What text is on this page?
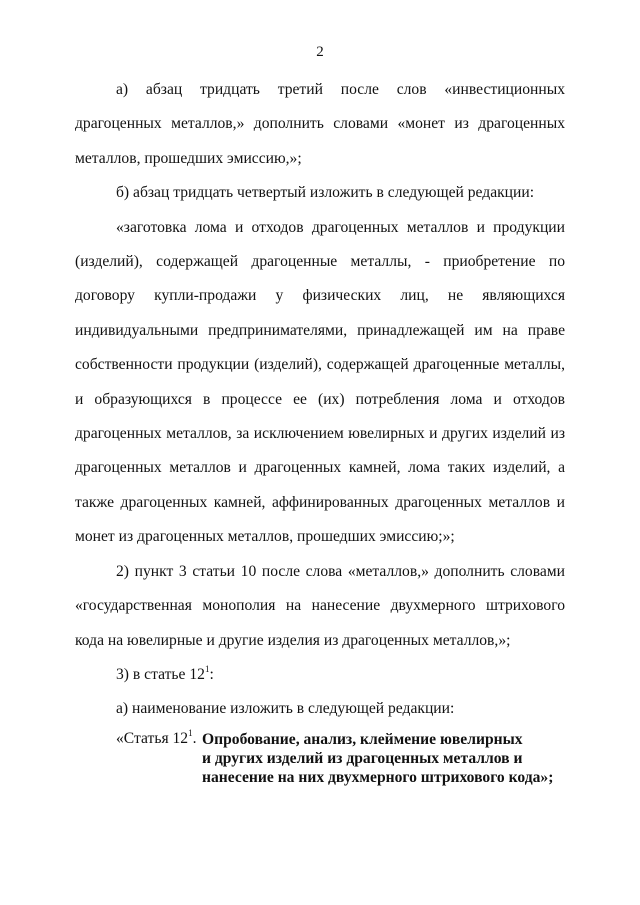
2

а) абзац тридцать третий после слов «инвестиционных драгоценных металлов,» дополнить словами «монет из драгоценных металлов, прошедших эмиссию,»;

б) абзац тридцать четвертый изложить в следующей редакции:

«заготовка лома и отходов драгоценных металлов и продукции (изделий), содержащей драгоценные металлы, - приобретение по договору купли-продажи у физических лиц, не являющихся индивидуальными предпринимателями, принадлежащей им на праве собственности продукции (изделий), содержащей драгоценные металлы, и образующихся в процессе ее (их) потребления лома и отходов драгоценных металлов, за исключением ювелирных и других изделий из драгоценных металлов и драгоценных камней, лома таких изделий, а также драгоценных камней, аффинированных драгоценных металлов и монет из драгоценных металлов, прошедших эмиссию;»;

2) пункт 3 статьи 10 после слова «металлов,» дополнить словами «государственная монополия на нанесение двухмерного штрихового кода на ювелирные и другие изделия из драгоценных металлов,»;

3) в статье $12^1$:

а) наименование изложить в следующей редакции:

«Статья $12^1$. Опробование, анализ, клеймение ювелирных
и других изделий из драгоценных металлов и
нанесение на них двухмерного штрихового кода»;
